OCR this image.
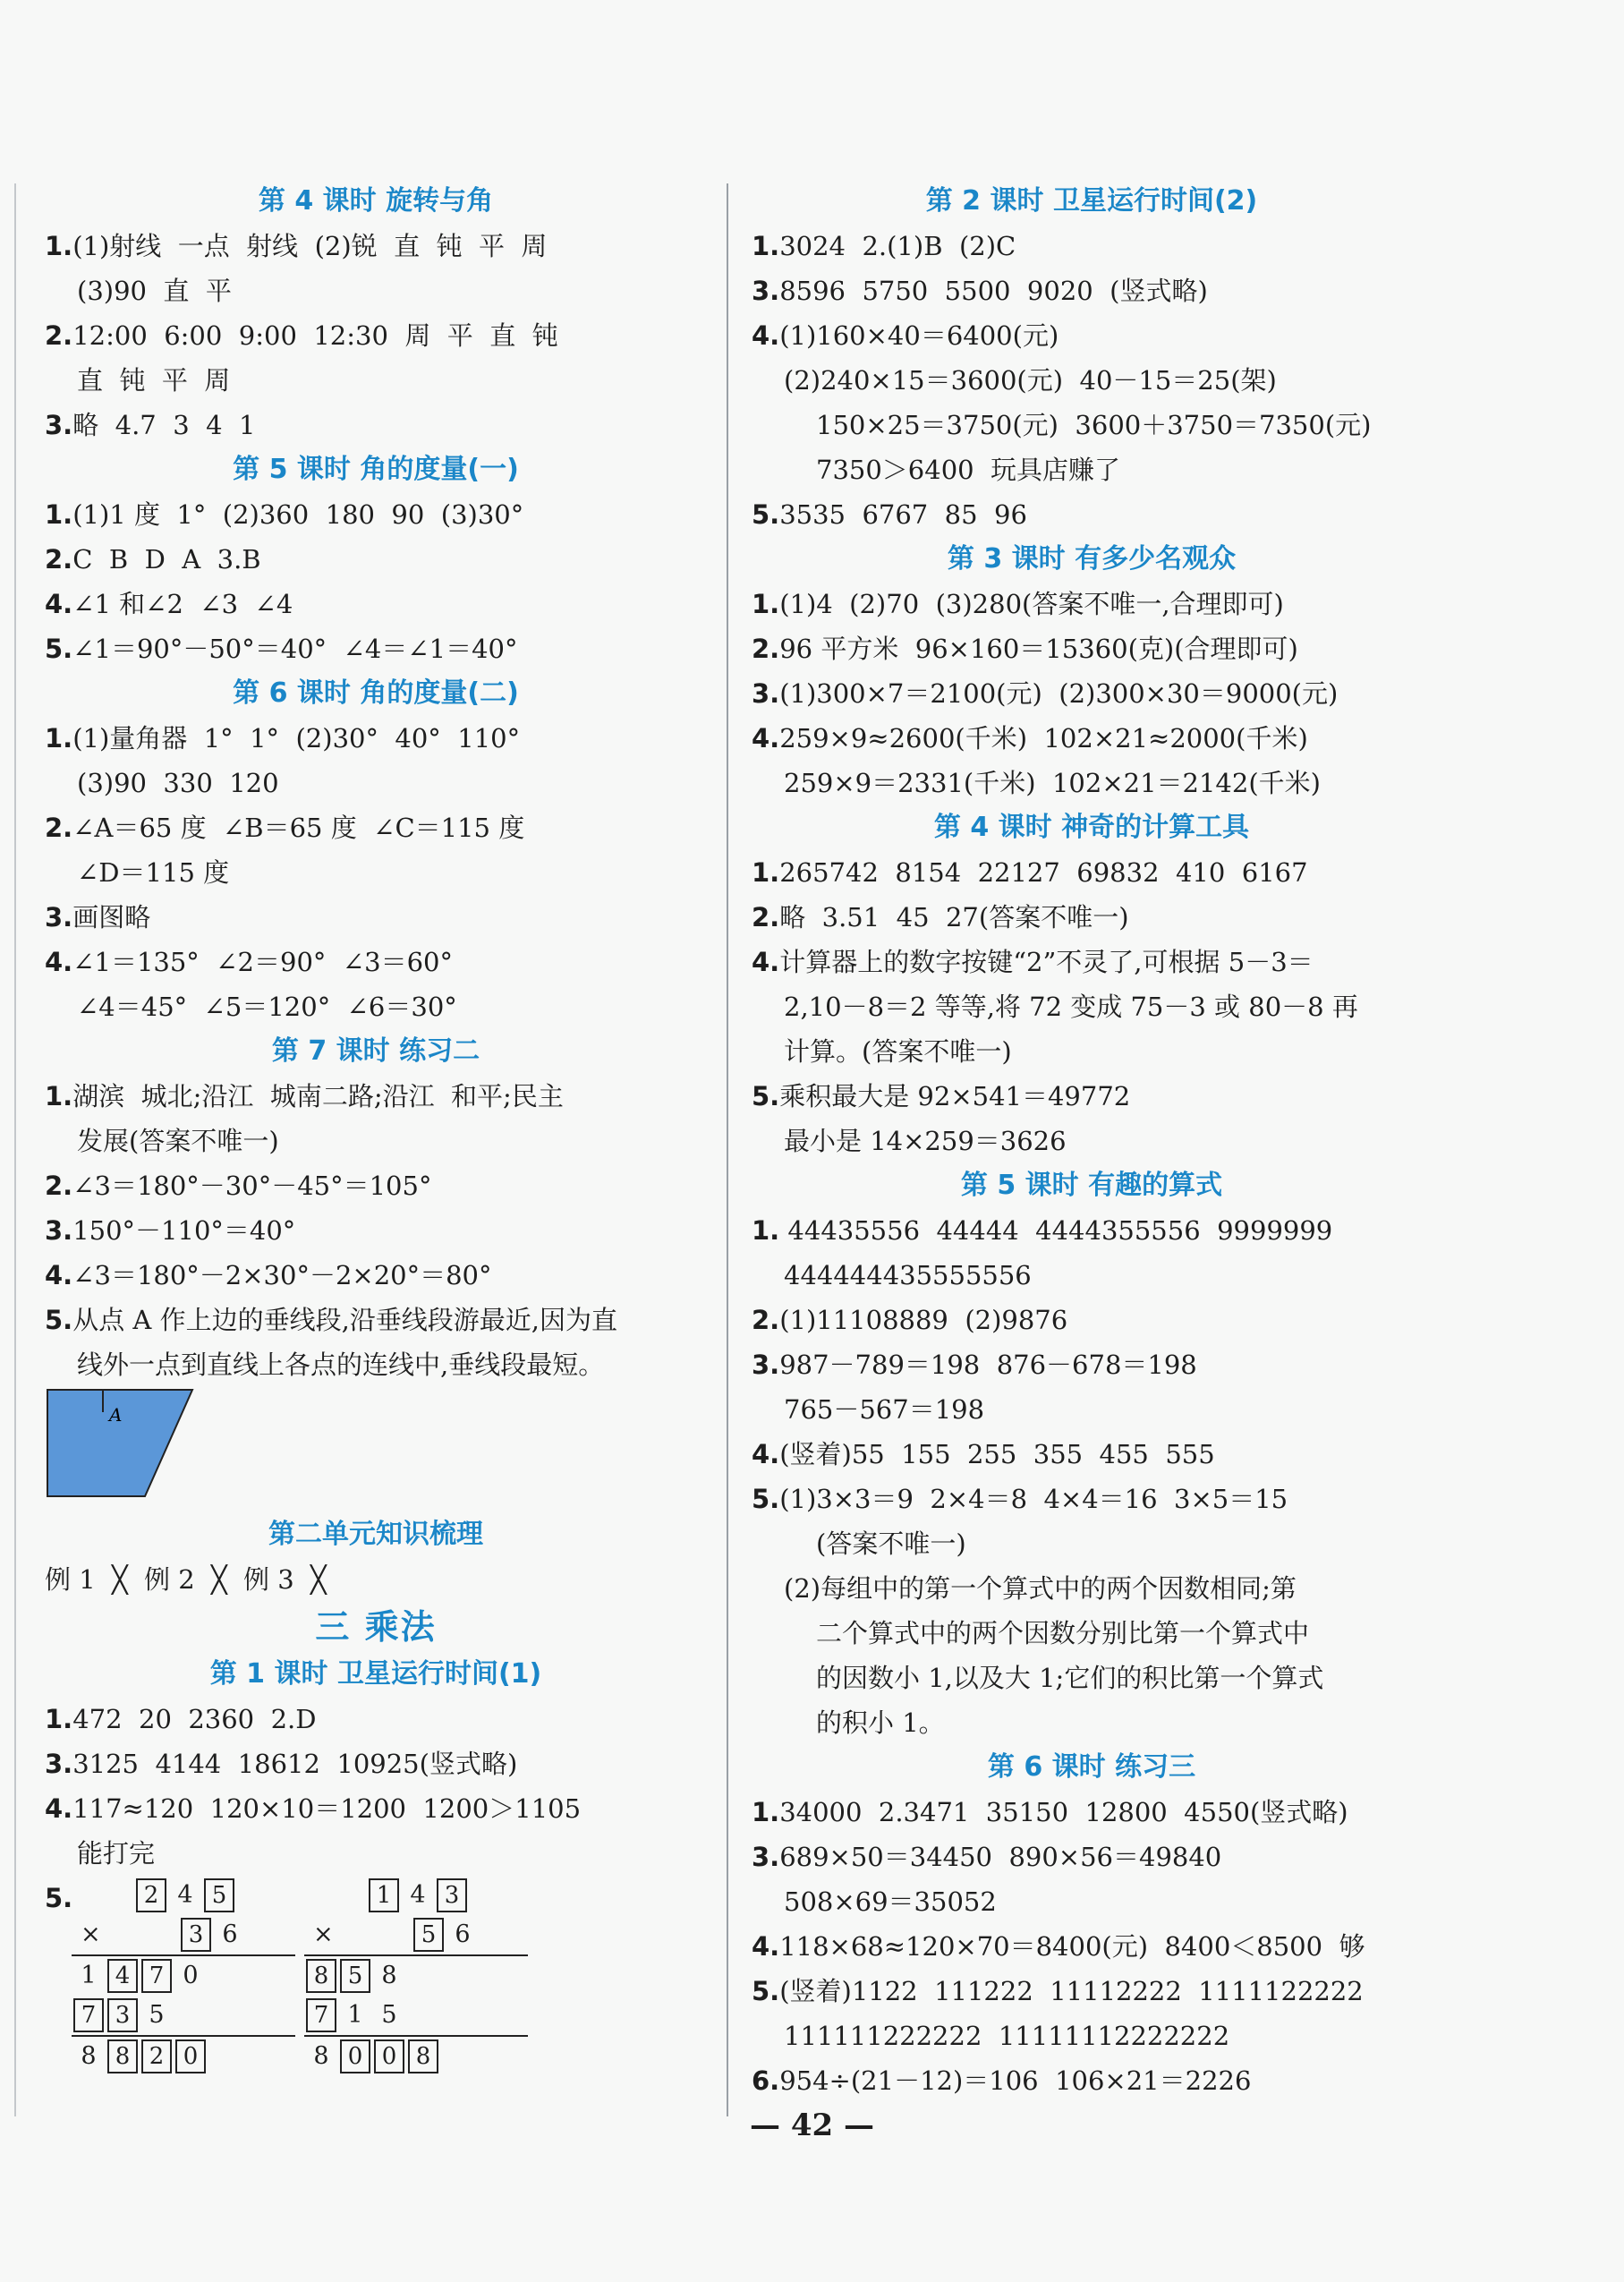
第 4 课时 旋转与角
1.(1)射线  一点  射线  (2)锐  直  钝  平  周
(3)90  直  平
2.12:00  6:00  9:00  12:30  周  平  直  钝
直  钝  平  周
3.略  4.7  3  4  1
第 5 课时 角的度量(一)
1.(1)1 度  1°  (2)360  180  90  (3)30°
2.C  B  D  A  3.B
4.∠1 和∠2  ∠3  ∠4
5.∠1＝90°－50°＝40°  ∠4＝∠1＝40°
第 6 课时 角的度量(二)
1.(1)量角器  1°  1°  (2)30°  40°  110°
(3)90  330  120
2.∠A＝65 度  ∠B＝65 度  ∠C＝115 度
∠D＝115 度
3.画图略
4.∠1＝135°  ∠2＝90°  ∠3＝60°
∠4＝45°  ∠5＝120°  ∠6＝30°
第 7 课时 练习二
1.湖滨  城北;沿江  城南二路;沿江  和平;民主
发展(答案不唯一)
2.∠3＝180°－30°－45°＝105°
3.150°－110°＝40°
4.∠3＝180°－2×30°－2×20°＝80°
5.从点 A 作上边的垂线段,沿垂线段游最近,因为直
线外一点到直线上各点的连线中,垂线段最短。
A
第二单元知识梳理
例 1  ╳  例 2  ╳  例 3  ╳
三 乘法
第 1 课时 卫星运行时间(1)
1.472  20  2360  2.D
3.3125  4144  18612  10925(竖式略)
4.117≈120  120×10＝1200  1200＞1105
能打完
5.	2 4 5
×	3 6
1 4 7 0
7 3 5
8 8 2 0
1 4 3
×	5 6
8 5 8
7 1 5
8 0 0 8
第 2 课时 卫星运行时间(2)
1.3024  2.(1)B  (2)C
3.8596  5750  5500  9020  (竖式略)
4.(1)160×40＝6400(元)
(2)240×15＝3600(元)  40－15＝25(架)
150×25＝3750(元)  3600＋3750＝7350(元)
7350＞6400  玩具店赚了
5.3535  6767  85  96
第 3 课时 有多少名观众
1.(1)4  (2)70  (3)280(答案不唯一,合理即可)
2.96 平方米  96×160＝15360(克)(合理即可)
3.(1)300×7＝2100(元)  (2)300×30＝9000(元)
4.259×9≈2600(千米)  102×21≈2000(千米)
259×9＝2331(千米)  102×21＝2142(千米)
第 4 课时 神奇的计算工具
1.265742  8154  22127  69832  410  6167
2.略  3.51  45  27(答案不唯一)
4.计算器上的数字按键“2”不灵了,可根据 5－3＝
2,10－8＝2 等等,将 72 变成 75－3 或 80－8 再
计算。(答案不唯一)
5.乘积最大是 92×541＝49772
最小是 14×259＝3626
第 5 课时 有趣的算式
1. 44435556  44444  4444355556  9999999
444444435555556
2.(1)11108889  (2)9876
3.987－789＝198  876－678＝198
765－567＝198
4.(竖着)55  155  255  355  455  555
5.(1)3×3＝9  2×4＝8  4×4＝16  3×5＝15
(答案不唯一)
(2)每组中的第一个算式中的两个因数相同;第
二个算式中的两个因数分别比第一个算式中
的因数小 1,以及大 1;它们的积比第一个算式
的积小 1。
第 6 课时 练习三
1.34000  2.3471  35150  12800  4550(竖式略)
3.689×50＝34450  890×56＝49840
508×69＝35052
4.118×68≈120×70＝8400(元)  8400＜8500  够
5.(竖着)1122  111222  11112222  1111122222
111111222222  11111112222222
6.954÷(21－12)＝106  106×21＝2226
— 42 —
